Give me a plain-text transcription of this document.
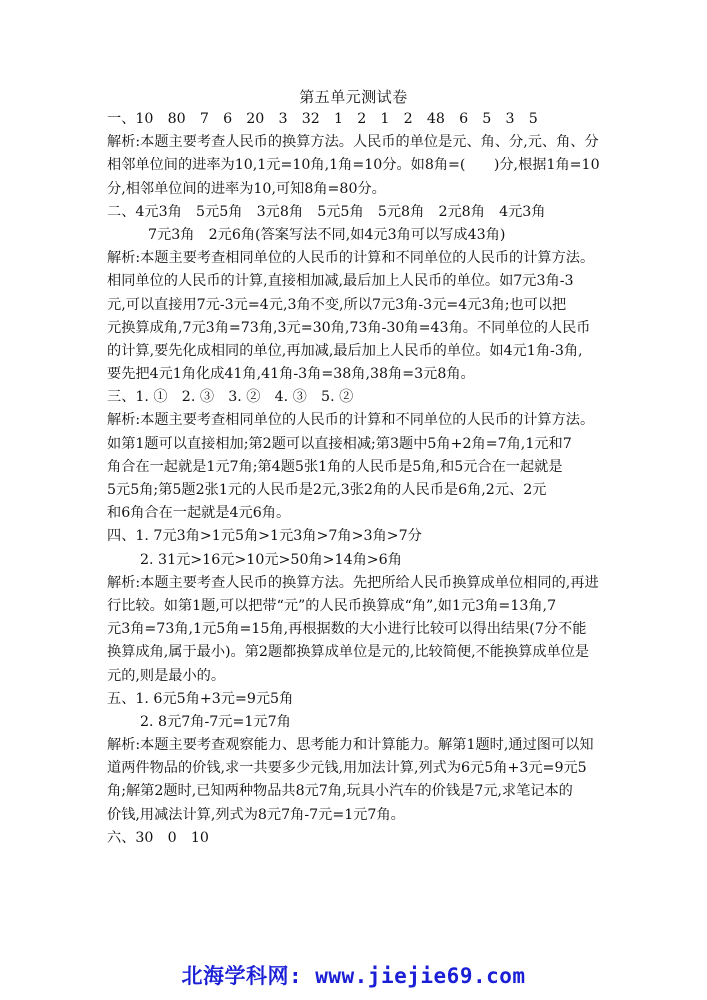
第五单元测试卷
一、10　80　7　6　20　3　32　1　2　1　2　48　6　5　3　5
解析:本题主要考查人民币的换算方法。人民币的单位是元、角、分,元、角、分
相邻单位间的进率为10,1元=10角,1角=10分。如8角=(　　)分,根据1角=10
分,相邻单位间的进率为10,可知8角=80分。
二、4元3角　5元5角　3元8角　5元5角　5元8角　2元8角　4元3角
7元3角　2元6角(答案写法不同,如4元3角可以写成43角)
解析:本题主要考查相同单位的人民币的计算和不同单位的人民币的计算方法。
相同单位的人民币的计算,直接相加减,最后加上人民币的单位。如7元3角-3
元,可以直接用7元-3元=4元,3角不变,所以7元3角-3元=4元3角;也可以把
元换算成角,7元3角=73角,3元=30角,73角-30角=43角。不同单位的人民币
的计算,要先化成相同的单位,再加减,最后加上人民币的单位。如4元1角-3角,
要先把4元1角化成41角,41角-3角=38角,38角=3元8角。
三、1. ①　2. ③　3. ②　4. ③　5. ②
解析:本题主要考查相同单位的人民币的计算和不同单位的人民币的计算方法。
如第1题可以直接相加;第2题可以直接相减;第3题中5角+2角=7角,1元和7
角合在一起就是1元7角;第4题5张1角的人民币是5角,和5元合在一起就是
5元5角;第5题2张1元的人民币是2元,3张2角的人民币是6角,2元、2元
和6角合在一起就是4元6角。
四、1. 7元3角>1元5角>1元3角>7角>3角>7分
2. 31元>16元>10元>50角>14角>6角
解析:本题主要考查人民币的换算方法。先把所给人民币换算成单位相同的,再进
行比较。如第1题,可以把带“元”的人民币换算成“角”,如1元3角=13角,7
元3角=73角,1元5角=15角,再根据数的大小进行比较可以得出结果(7分不能
换算成角,属于最小)。第2题都换算成单位是元的,比较简便,不能换算成单位是
元的,则是最小的。
五、1. 6元5角+3元=9元5角
2. 8元7角-7元=1元7角
解析:本题主要考查观察能力、思考能力和计算能力。解第1题时,通过图可以知
道两件物品的价钱,求一共要多少元钱,用加法计算,列式为6元5角+3元=9元5
角;解第2题时,已知两种物品共8元7角,玩具小汽车的价钱是7元,求笔记本的
价钱,用减法计算,列式为8元7角-7元=1元7角。
六、30　0　10
北海学科网: www.jiejie69.com
